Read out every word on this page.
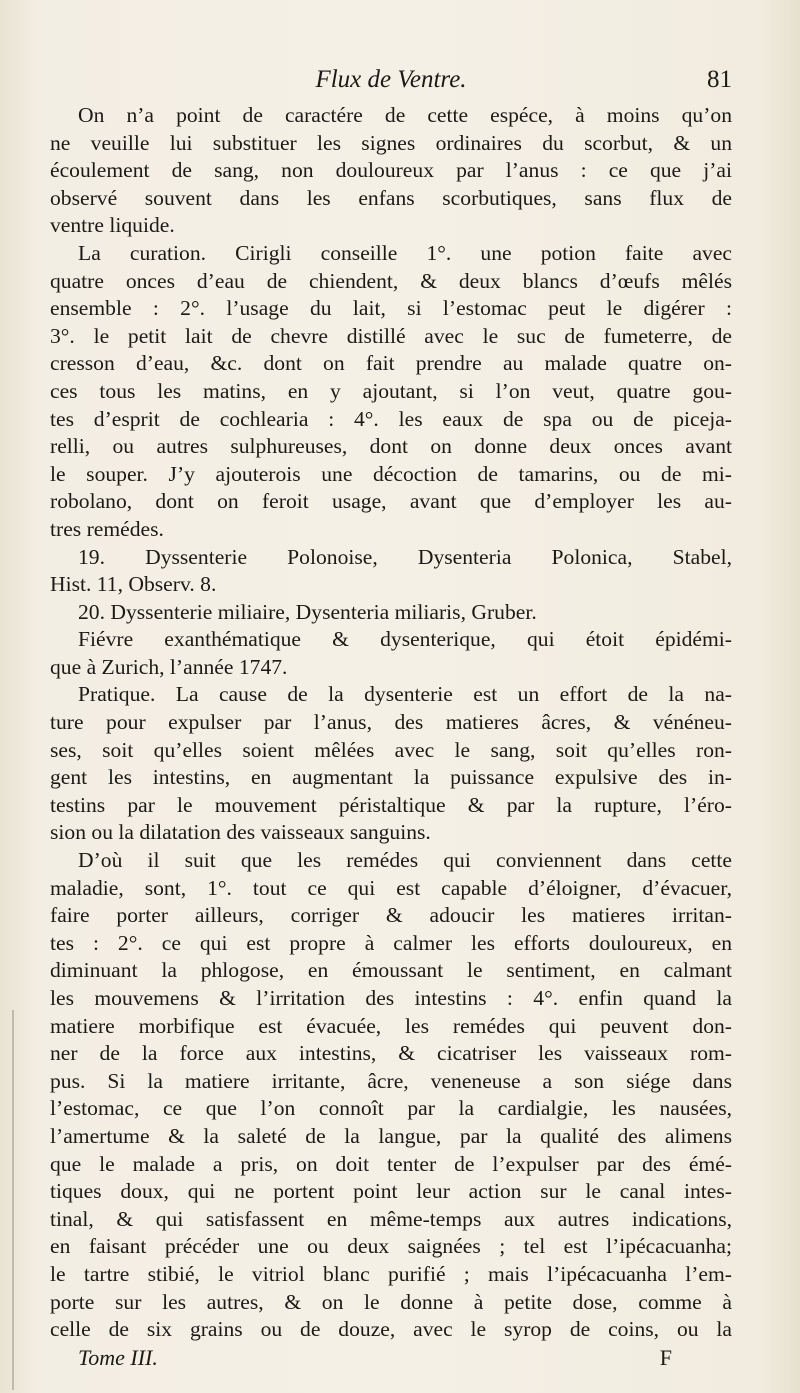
Flux de Ventre.	81
On n’a point de caractére de cette espéce, à moins qu’on
ne veuille lui substituer les signes ordinaires du scorbut, & un
écoulement de sang, non douloureux par l’anus : ce que j’ai
observé souvent dans les enfans scorbutiques, sans flux de
ventre liquide.
La curation. Cirigli conseille 1°. une potion faite avec
quatre onces d’eau de chiendent, & deux blancs d’œufs mêlés
ensemble : 2°. l’usage du lait, si l’estomac peut le digérer :
3°. le petit lait de chevre distillé avec le suc de fumeterre, de
cresson d’eau, &c. dont on fait prendre au malade quatre on-
ces tous les matins, en y ajoutant, si l’on veut, quatre gou-
tes d’esprit de cochlearia : 4°. les eaux de spa ou de piceja-
relli, ou autres sulphureuses, dont on donne deux onces avant
le souper. J’y ajouterois une décoction de tamarins, ou de mi-
robolano, dont on feroit usage, avant que d’employer les au-
tres remédes.
19. Dyssenterie Polonoise, Dysenteria Polonica, Stabel,
Hist. 11, Observ. 8.
20. Dyssenterie miliaire, Dysenteria miliaris, Gruber.
Fiévre exanthématique & dysenterique, qui étoit épidémi-
que à Zurich, l’année 1747.
Pratique. La cause de la dysenterie est un effort de la na-
ture pour expulser par l’anus, des matieres âcres, & vénéneu-
ses, soit qu’elles soient mêlées avec le sang, soit qu’elles ron-
gent les intestins, en augmentant la puissance expulsive des in-
testins par le mouvement péristaltique & par la rupture, l’éro-
sion ou la dilatation des vaisseaux sanguins.
D’où il suit que les remédes qui conviennent dans cette
maladie, sont, 1°. tout ce qui est capable d’éloigner, d’évacuer,
faire porter ailleurs, corriger & adoucir les matieres irritan-
tes : 2°. ce qui est propre à calmer les efforts douloureux, en
diminuant la phlogose, en émoussant le sentiment, en calmant
les mouvemens & l’irritation des intestins : 4°. enfin quand la
matiere morbifique est évacuée, les remédes qui peuvent don-
ner de la force aux intestins, & cicatriser les vaisseaux rom-
pus. Si la matiere irritante, âcre, veneneuse a son siége dans
l’estomac, ce que l’on connoît par la cardialgie, les nausées,
l’amertume & la saleté de la langue, par la qualité des alimens
que le malade a pris, on doit tenter de l’expulser par des émé-
tiques doux, qui ne portent point leur action sur le canal intes-
tinal, & qui satisfassent en même-temps aux autres indications,
en faisant précéder une ou deux saignées ; tel est l’ipécacuanha;
le tartre stibié, le vitriol blanc purifié ; mais l’ipécacuanha l’em-
porte sur les autres, & on le donne à petite dose, comme à
celle de six grains ou de douze, avec le syrop de coins, ou la
Tome III.	F
